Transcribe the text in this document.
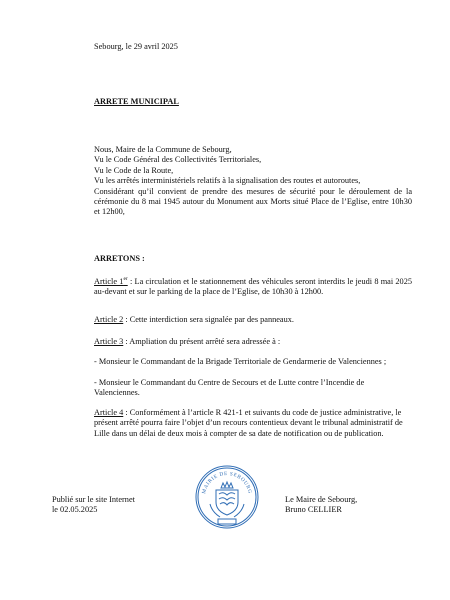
Sebourg, le 29 avril 2025
ARRETE MUNICIPAL
Nous, Maire de la Commune de Sebourg,
Vu le Code Général des Collectivités Territoriales,
Vu le Code de la Route,
Vu les arrêtés interministériels relatifs à la signalisation des routes et autoroutes,
Considérant qu’il convient de prendre des mesures de sécurité pour le déroulement de la cérémonie du 8 mai 1945 autour du Monument aux Morts situé Place de l’Eglise, entre 10h30 et 12h00,
ARRETONS :
Article 1er : La circulation et le stationnement des véhicules seront interdits le jeudi 8 mai 2025 au-devant et sur le parking de la place de l’Eglise, de 10h30 à 12h00.
Article 2 : Cette interdiction sera signalée par des panneaux.
Article 3 : Ampliation du présent arrêté sera adressée à :
- Monsieur le Commandant de la Brigade Territoriale de Gendarmerie de Valenciennes ;
- Monsieur le Commandant du Centre de Secours et de Lutte contre l’Incendie de Valenciennes.
Article 4 : Conformément à l’article R 421-1 et suivants du code de justice administrative, le présent arrêté pourra faire l’objet d’un recours contentieux devant le tribunal administratif de Lille dans un délai de deux mois à compter de sa date de notification ou de publication.
Publié sur le site Internet
le 02.05.2025
MAIRIE DE SEBOURG
Le Maire de Sebourg,
Bruno CELLIER
